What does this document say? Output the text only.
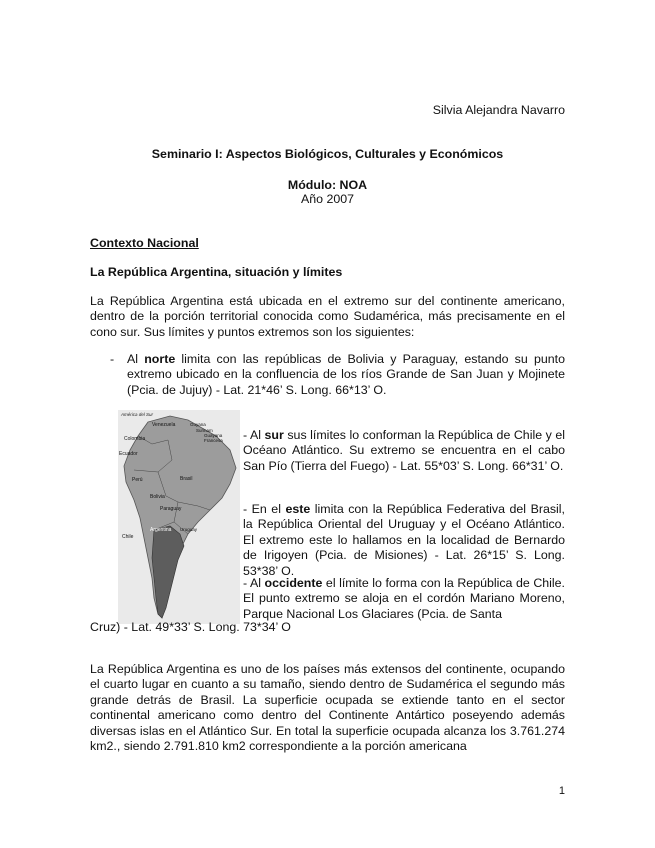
Silvia Alejandra Navarro
Seminario I: Aspectos Biológicos, Culturales y Económicos
Módulo: NOA
Año 2007
Contexto Nacional
La República Argentina, situación y límites
La República Argentina está ubicada en el extremo sur del continente americano, dentro de la porción territorial conocida como Sudamérica, más precisamente en el cono sur. Sus límites y puntos extremos son los siguientes:
- Al norte limita con las repúblicas de Bolivia y Paraguay, estando su punto extremo ubicado en la confluencia de los ríos Grande de San Juan y Mojinete (Pcia. de Jujuy) - Lat. 21*46’ S. Long. 66*13’ O.
América del Sur
Venezuela	Guyana
Surinam
Guayana Francesa
Colombia
Ecuador
Perú	Brasil
Bolivia
Paraguay
Chile
Argentina Uruguay
- Al sur sus límites lo conforman la República de Chile y el Océano Atlántico. Su extremo se encuentra en el cabo San Pío (Tierra del Fuego) - Lat. 55*03’ S. Long. 66*31’ O.
- En el este limita con la República Federativa del Brasil, la República Oriental del Uruguay y el Océano Atlántico. El extremo este lo hallamos en la localidad de Bernardo de Irigoyen (Pcia. de Misiones) - Lat. 26*15’ S. Long. 53*38’ O.
- Al occidente el límite lo forma con la República de Chile. El punto extremo se aloja en el cordón Mariano Moreno, Parque Nacional Los Glaciares (Pcia. de Santa
Cruz) - Lat. 49*33’ S. Long. 73*34’ O
La República Argentina es uno de los países más extensos del continente, ocupando el cuarto lugar en cuanto a su tamaño, siendo dentro de Sudamérica el segundo más grande detrás de Brasil. La superficie ocupada se extiende tanto en el sector continental americano como dentro del Continente Antártico poseyendo además diversas islas en el Atlántico Sur. En total la superficie ocupada alcanza los 3.761.274 km2., siendo 2.791.810 km2 correspondiente a la porción americana
1
